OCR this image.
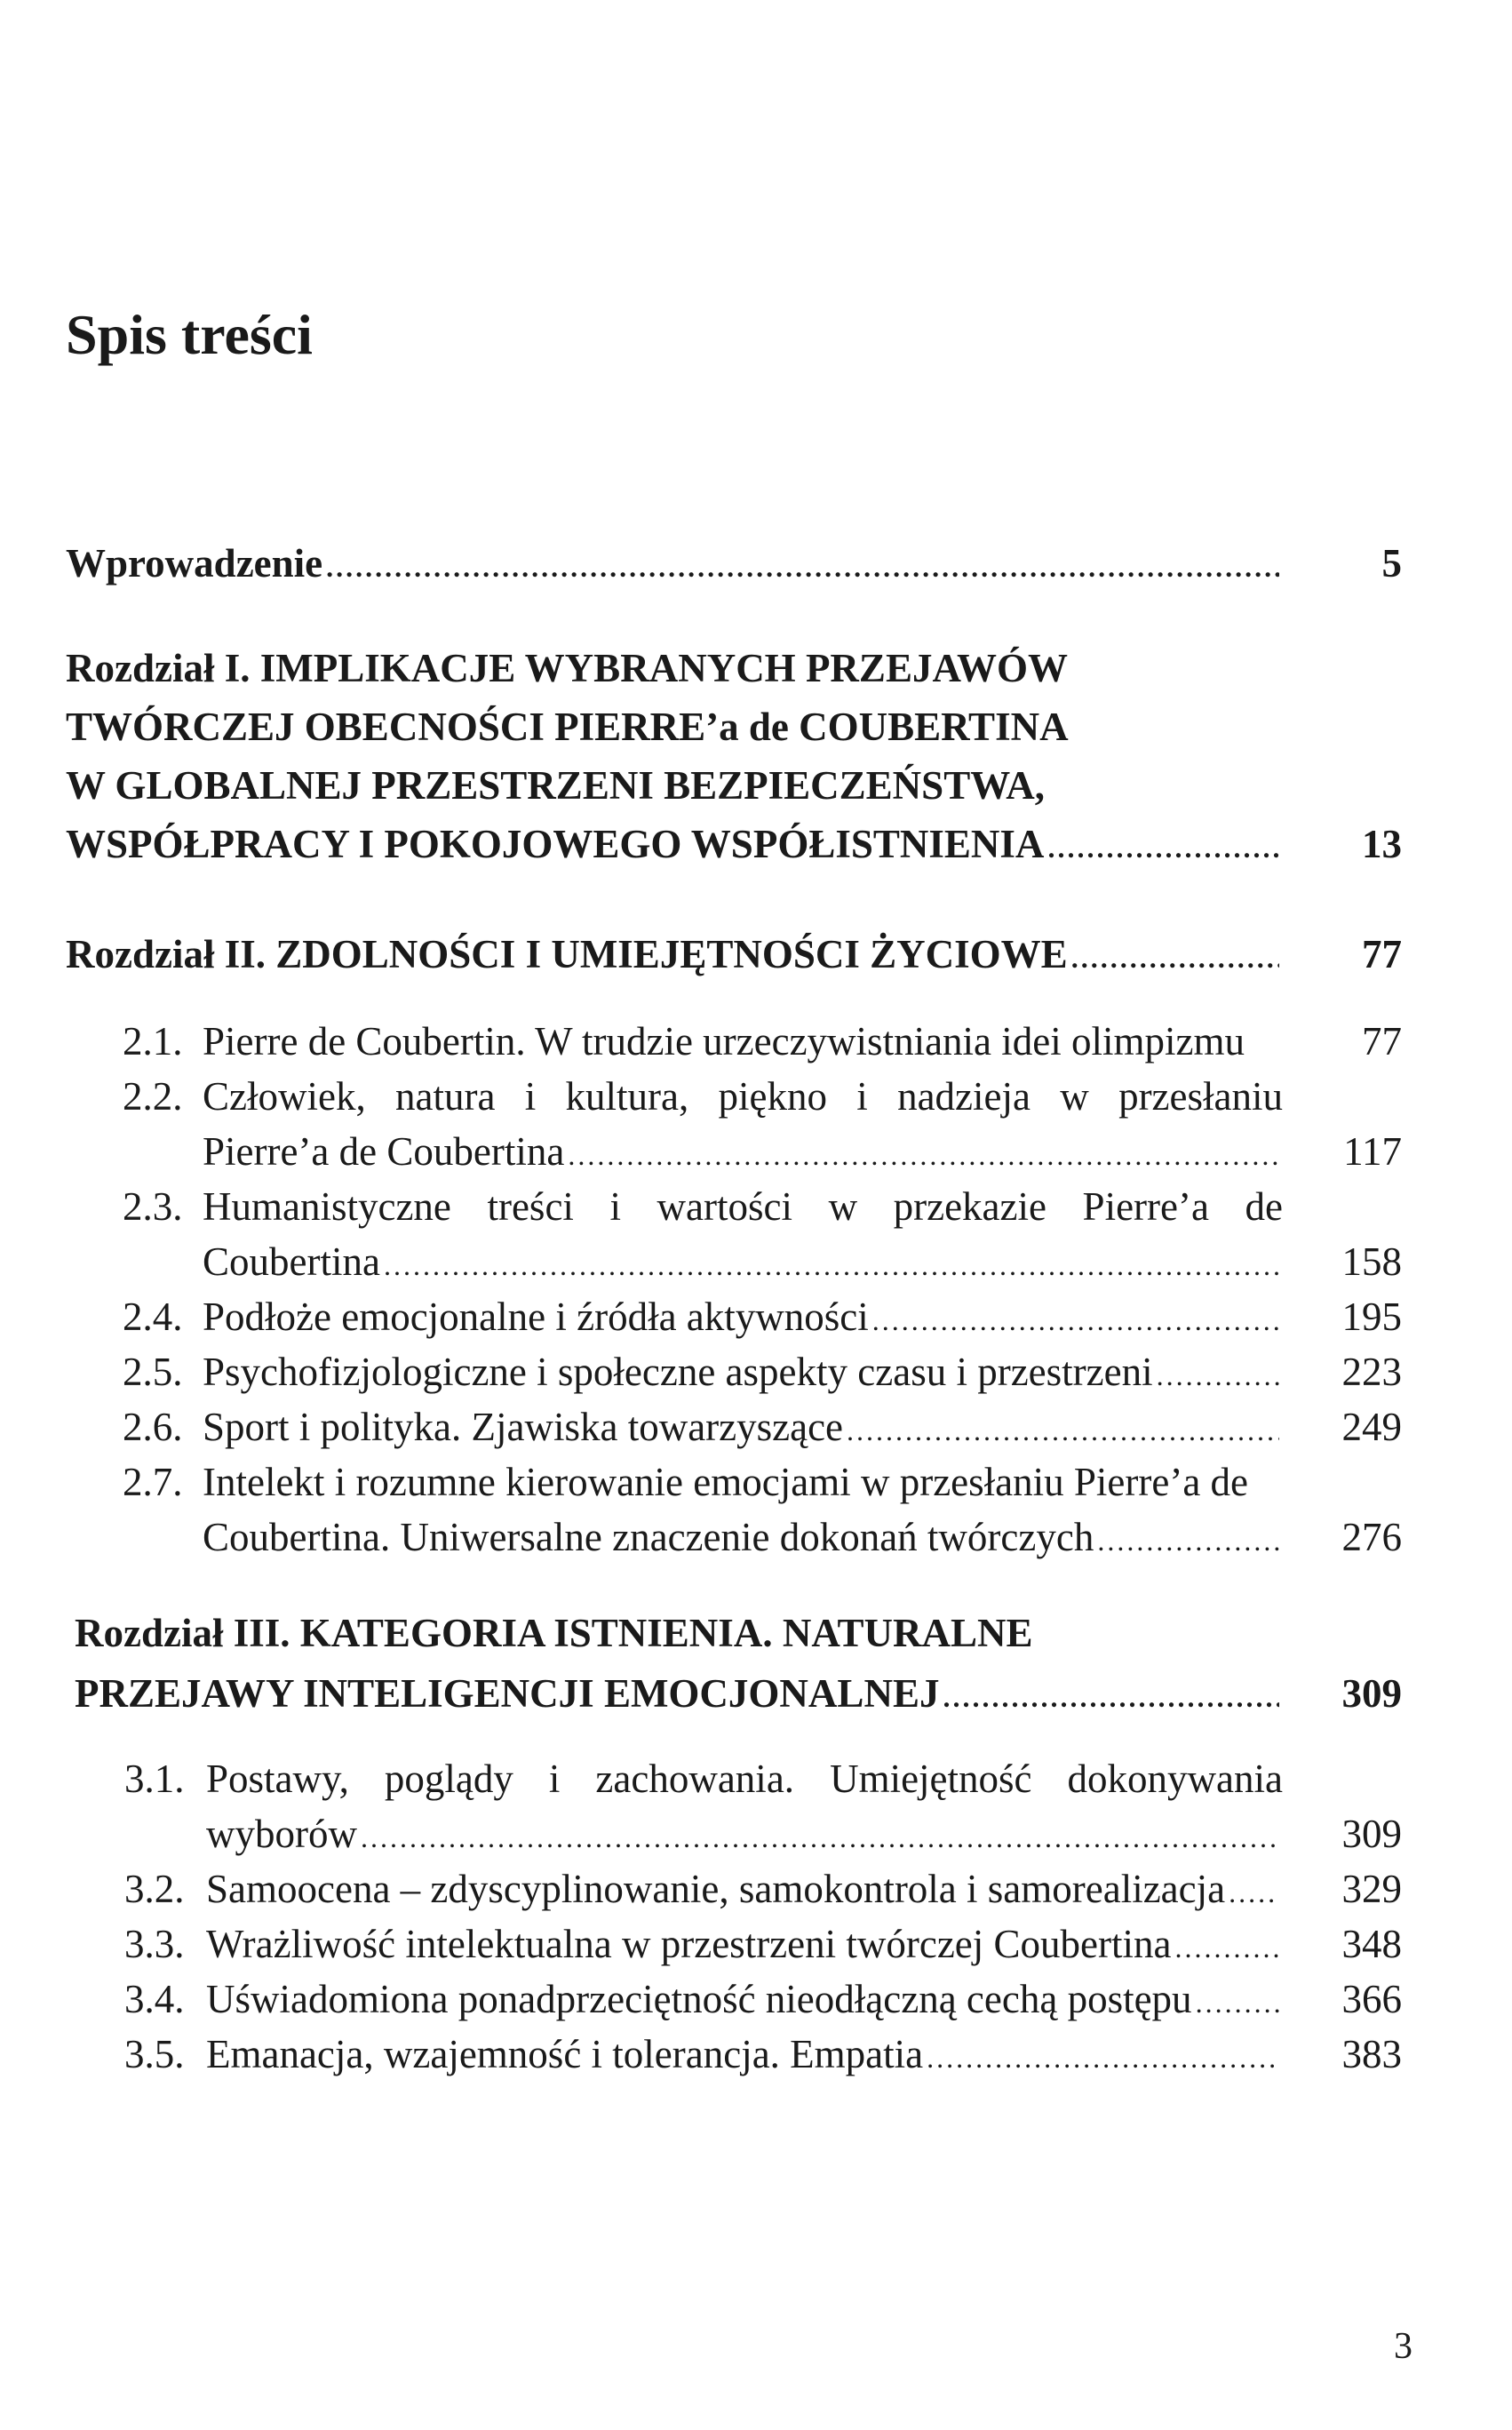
Spis treści
Wprowadzenie .....	5
Rozdział I. IMPLIKACJE WYBRANYCH PRZEJAWÓW
TWÓRCZEJ OBECNOŚCI PIERRE’a de COUBERTINA
W GLOBALNEJ PRZESTRZENI BEZPIECZEŃSTWA,
WSPÓŁPRACY I POKOJOWEGO WSPÓŁISTNIENIA .....	13
Rozdział II. ZDOLNOŚCI I UMIEJĘTNOŚCI ŻYCIOWE .....	77
2.1. Pierre de Coubertin. W trudzie urzeczywistniania idei olimpizmu	77
2.2. Człowiek, natura i kultura, piękno i nadzieja w przesłaniu
Pierre’a de Coubertina .....	117
2.3. Humanistyczne treści i wartości w przekazie Pierre’a de
Coubertina .....	158
2.4. Podłoże emocjonalne i źródła aktywności .....	195
2.5. Psychofizjologiczne i społeczne aspekty czasu i przestrzeni .....	223
2.6. Sport i polityka. Zjawiska towarzyszące .....	249
2.7. Intelekt i rozumne kierowanie emocjami w przesłaniu Pierre’a de
Coubertina. Uniwersalne znaczenie dokonań twórczych .....	276
Rozdział III. KATEGORIA ISTNIENIA. NATURALNE
PRZEJAWY INTELIGENCJI EMOCJONALNEJ .....	309
3.1. Postawy, poglądy i zachowania. Umiejętność dokonywania
wyborów .....	309
3.2. Samoocena – zdyscyplinowanie, samokontrola i samorealizacja .....	329
3.3. Wrażliwość intelektualna w przestrzeni twórczej Coubertina .....	348
3.4. Uświadomiona ponadprzeciętność nieodłączną cechą postępu .....	366
3.5. Emanacja, wzajemność i tolerancja. Empatia .....	383
3
